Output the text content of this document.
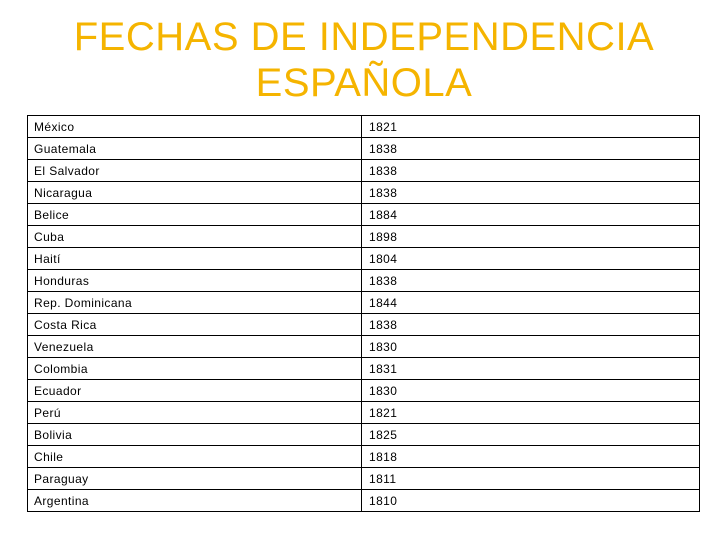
FECHAS DE INDEPENDENCIA
ESPAÑOLA
México	1821
Guatemala	1838
El Salvador	1838
Nicaragua	1838
Belice	1884
Cuba	1898
Haití	1804
Honduras	1838
Rep. Dominicana	1844
Costa Rica	1838
Venezuela	1830
Colombia	1831
Ecuador	1830
Perú	1821
Bolivia	1825
Chile	1818
Paraguay	1811
Argentina	1810
